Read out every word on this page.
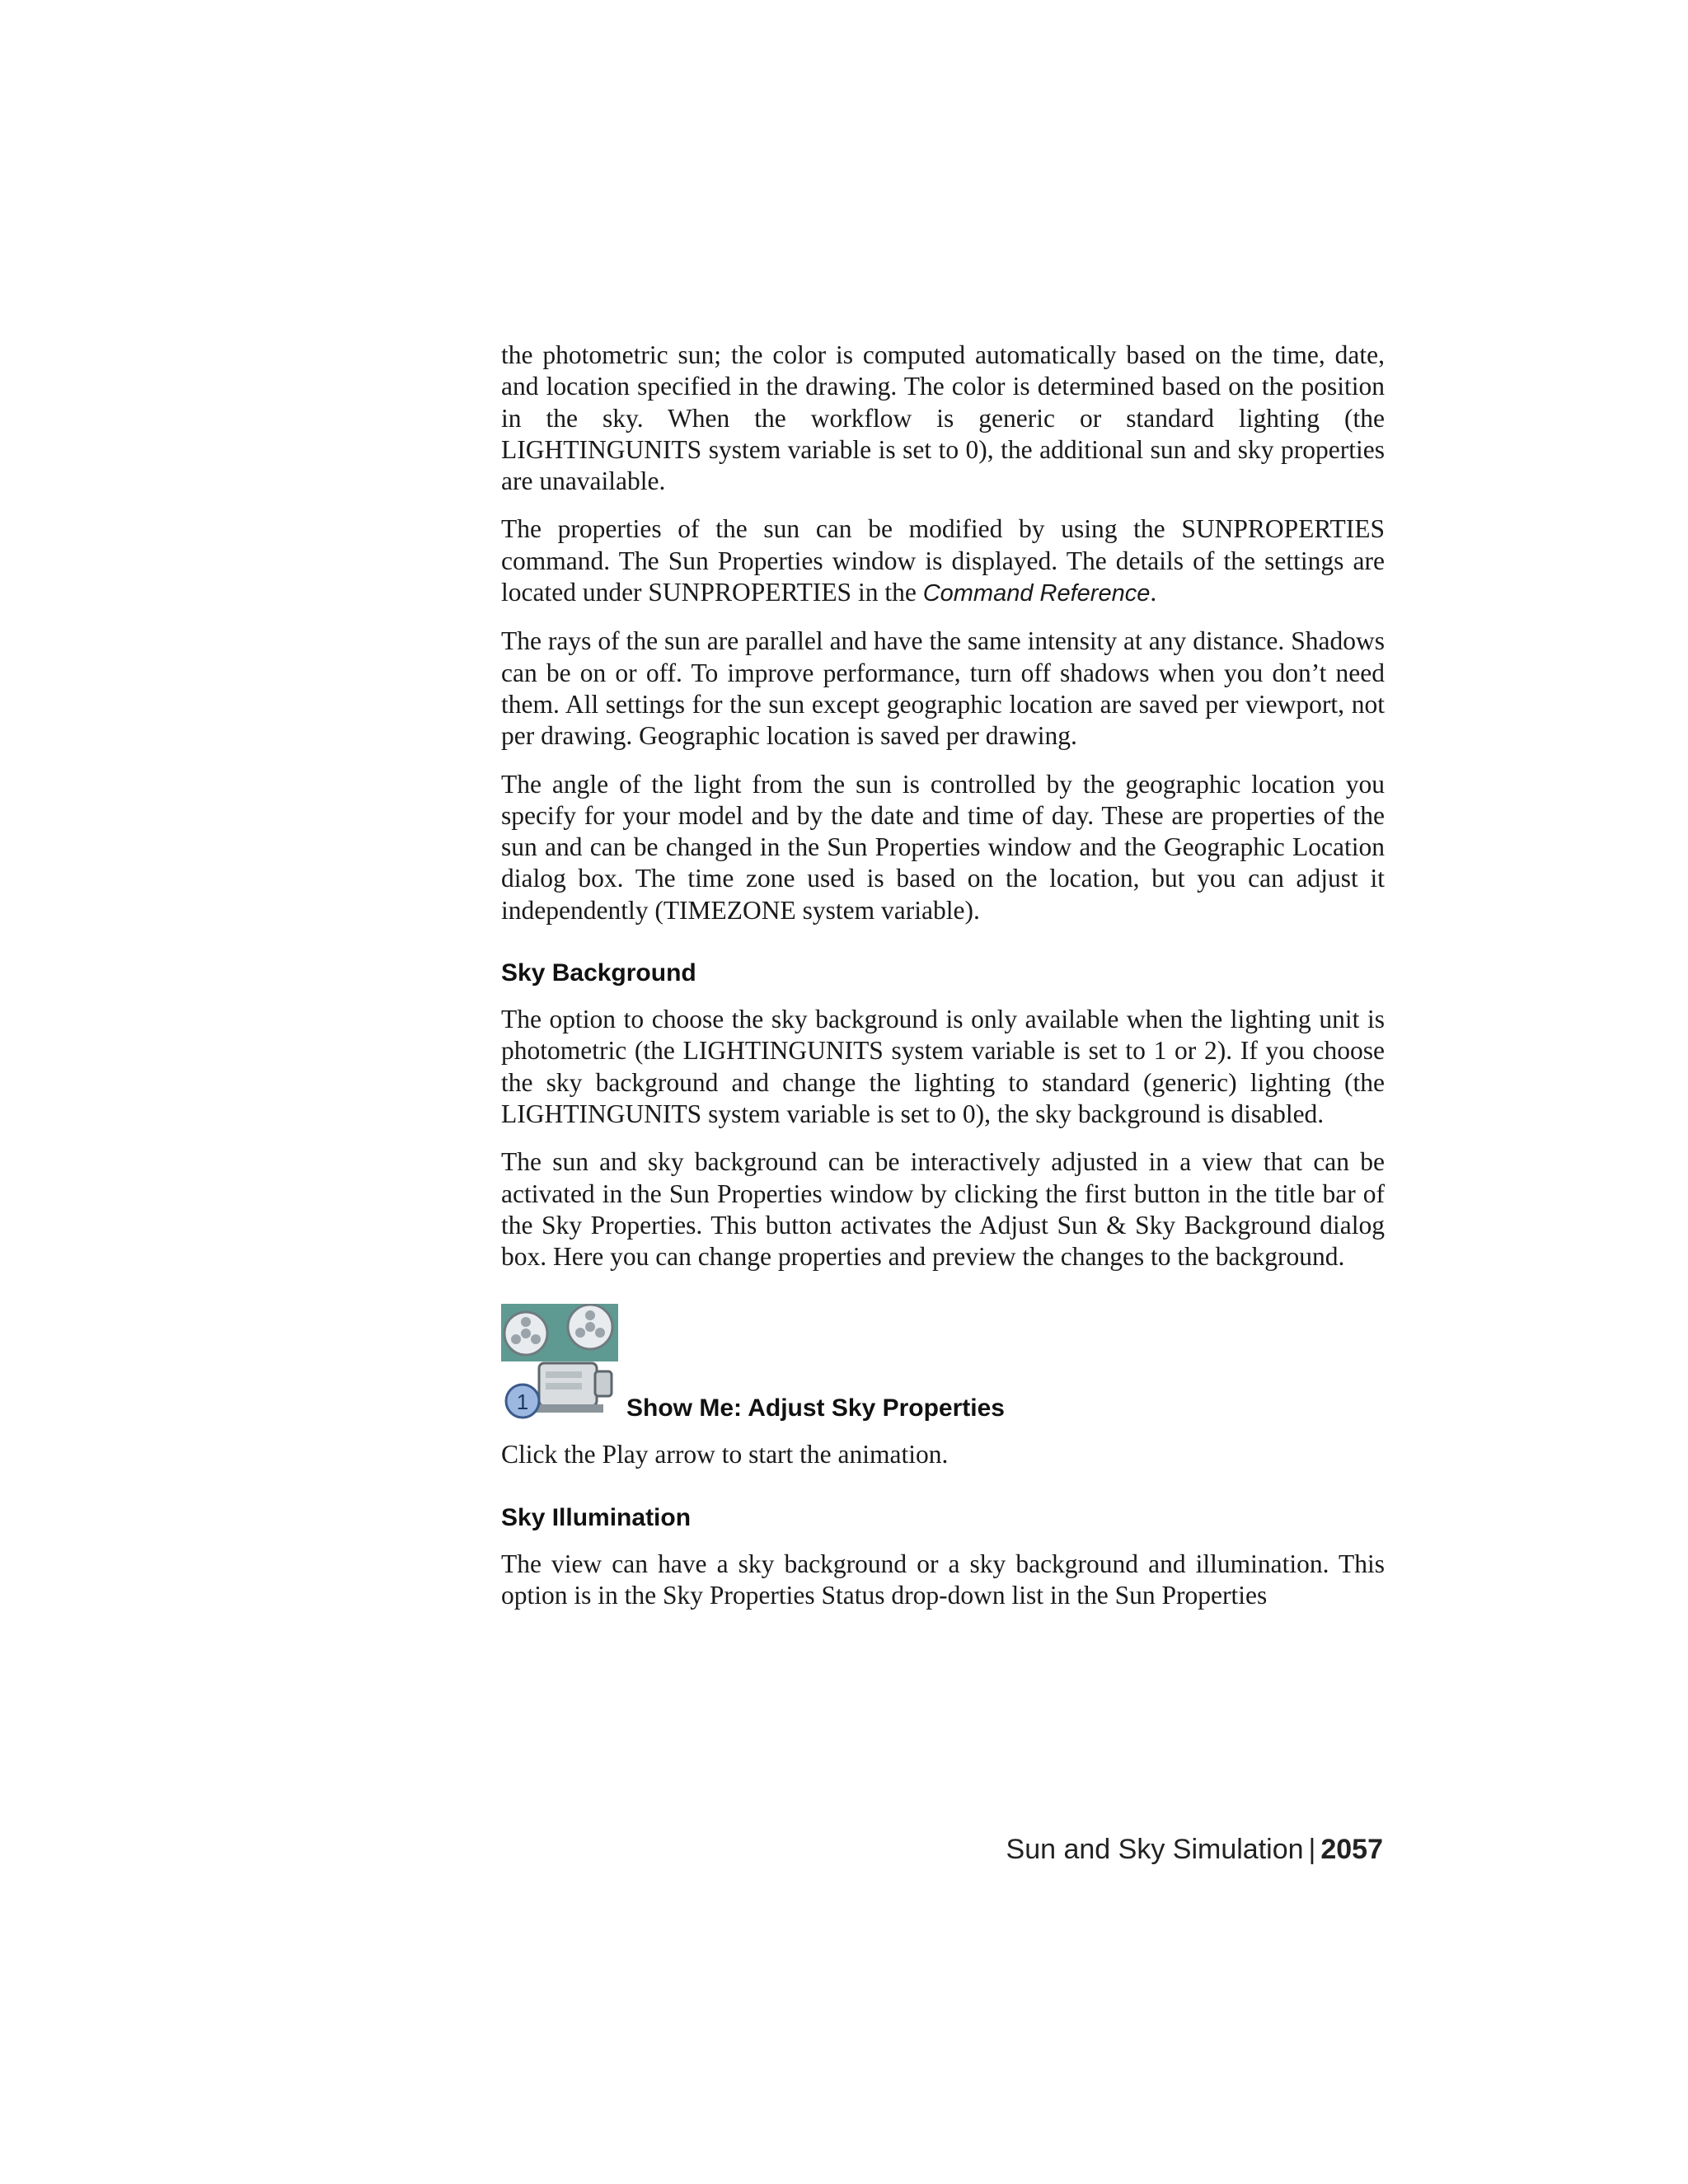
the photometric sun; the color is computed automatically based on the time, date, and location specified in the drawing. The color is determined based on the position in the sky. When the workflow is generic or standard lighting (the LIGHTINGUNITS system variable is set to 0), the additional sun and sky properties are unavailable.

The properties of the sun can be modified by using the SUNPROPERTIES command. The Sun Properties window is displayed. The details of the settings are located under SUNPROPERTIES in the Command Reference.

The rays of the sun are parallel and have the same intensity at any distance. Shadows can be on or off. To improve performance, turn off shadows when you don’t need them. All settings for the sun except geographic location are saved per viewport, not per drawing. Geographic location is saved per drawing.

The angle of the light from the sun is controlled by the geographic location you specify for your model and by the date and time of day. These are properties of the sun and can be changed in the Sun Properties window and the Geographic Location dialog box. The time zone used is based on the location, but you can adjust it independently (TIMEZONE system variable).

Sky Background

The option to choose the sky background is only available when the lighting unit is photometric (the LIGHTINGUNITS system variable is set to 1 or 2). If you choose the sky background and change the lighting to standard (generic) lighting (the LIGHTINGUNITS system variable is set to 0), the sky background is disabled.

The sun and sky background can be interactively adjusted in a view that can be activated in the Sun Properties window by clicking the first button in the title bar of the Sky Properties. This button activates the Adjust Sun & Sky Background dialog box. Here you can change properties and preview the changes to the background.

1	Show Me: Adjust Sky Properties

Click the Play arrow to start the animation.

Sky Illumination

The view can have a sky background or a sky background and illumination. This option is in the Sky Properties Status drop-down list in the Sun Properties

Sun and Sky Simulation | 2057
